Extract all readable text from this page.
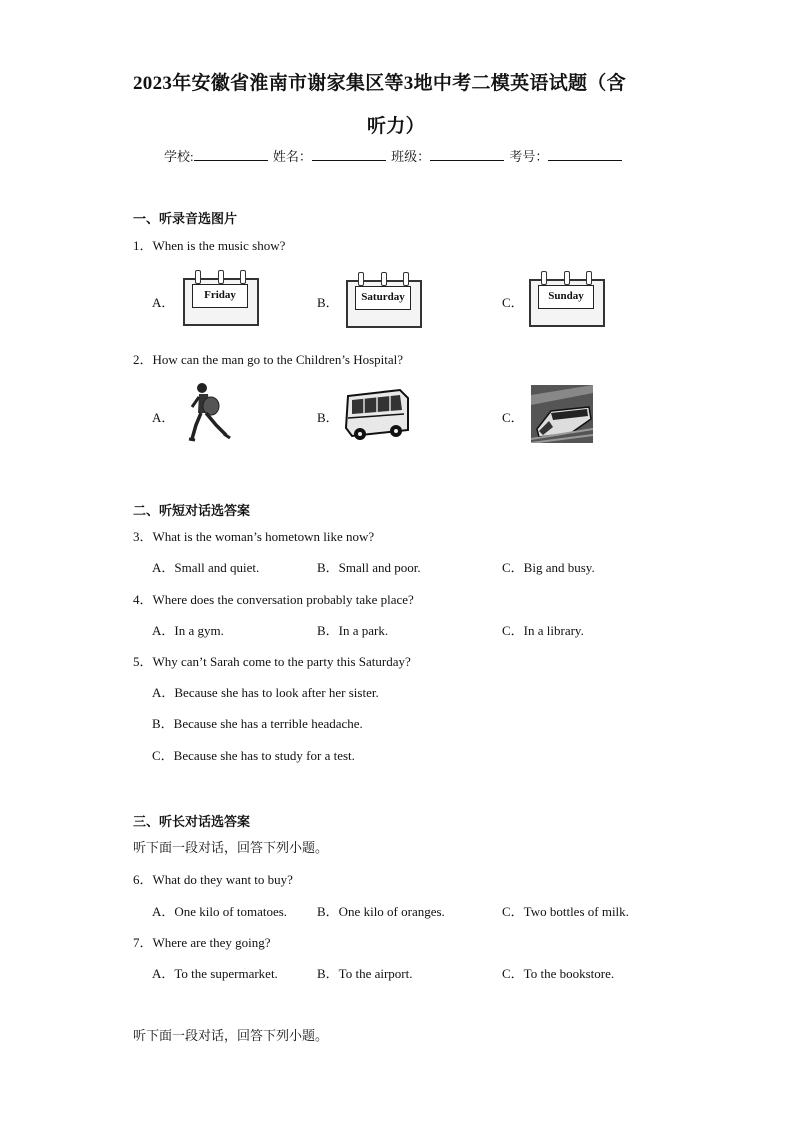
2023年安徽省淮南市谢家集区等3地中考二模英语试题（含
听力）
学校:	姓名：	班级：	考号：
一、听录音选图片
1．When is the music show?
A．	Friday	B．	Saturday	C．	Sunday
2．How can the man go to the Children’s Hospital?
A．	B．	C．
二、听短对话选答案
3．What is the woman’s hometown like now?
A．Small and quiet.	B．Small and poor.	C．Big and busy.
4．Where does the conversation probably take place?
A．In a gym.	B．In a park.	C．In a library.
5．Why can’t Sarah come to the party this Saturday?
A．Because she has to look after her sister.
B．Because she has a terrible headache.
C．Because she has to study for a test.
三、听长对话选答案
听下面一段对话，回答下列小题。
6．What do they want to buy?
A．One kilo of tomatoes. B．One kilo of oranges.	C．Two bottles of milk.
7．Where are they going?
A．To the supermarket.	B．To the airport.	C．To the bookstore.
听下面一段对话，回答下列小题。
